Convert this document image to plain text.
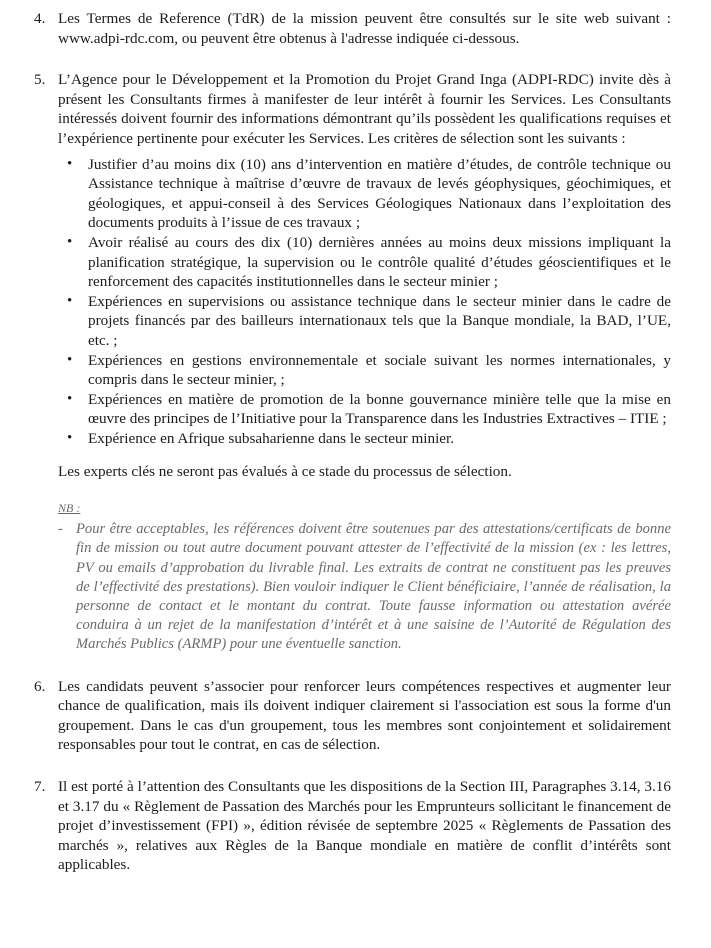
4. Les Termes de Reference (TdR) de la mission peuvent être consultés sur le site web suivant : www.adpi-rdc.com, ou peuvent être obtenus à l'adresse indiquée ci-dessous.
5. L’Agence pour le Développement et la Promotion du Projet Grand Inga (ADPI-RDC) invite dès à présent les Consultants firmes à manifester de leur intérêt à fournir les Services. Les Consultants intéressés doivent fournir des informations démontrant qu’ils possèdent les qualifications requises et l’expérience pertinente pour exécuter les Services. Les critères de sélection sont les suivants :
• Justifier d’au moins dix (10) ans d’intervention en matière d’études, de contrôle technique ou Assistance technique à maîtrise d’œuvre de travaux de levés géophysiques, géochimiques, et géologiques, et appui-conseil à des Services Géologiques Nationaux dans l’exploitation des documents produits à l’issue de ces travaux ;
• Avoir réalisé au cours des dix (10) dernières années au moins deux missions impliquant la planification stratégique, la supervision ou le contrôle qualité d’études géoscientifiques et le renforcement des capacités institutionnelles dans le secteur minier ;
• Expériences en supervisions ou assistance technique dans le secteur minier dans le cadre de projets financés par des bailleurs internationaux tels que la Banque mondiale, la BAD, l’UE, etc. ;
• Expériences en gestions environnementale et sociale suivant les normes internationales, y compris dans le secteur minier, ;
• Expériences en matière de promotion de la bonne gouvernance minière telle que la mise en œuvre des principes de l’Initiative pour la Transparence dans les Industries Extractives – ITIE ;
• Expérience en Afrique subsaharienne dans le secteur minier.

Les experts clés ne seront pas évalués à ce stade du processus de sélection.

NB :
- Pour être acceptables, les références doivent être soutenues par des attestations/certificats de bonne fin de mission ou tout autre document pouvant attester de l’effectivité de la mission (ex : les lettres, PV ou emails d’approbation du livrable final. Les extraits de contrat ne constituent pas les preuves de l’effectivité des prestations). Bien vouloir indiquer le Client bénéficiaire, l’année de réalisation, la personne de contact et le montant du contrat. Toute fausse information ou attestation avérée conduira à un rejet de la manifestation d’intérêt et à une saisine de l’Autorité de Régulation des Marchés Publics (ARMP) pour une éventuelle sanction.
6. Les candidats peuvent s’associer pour renforcer leurs compétences respectives et augmenter leur chance de qualification, mais ils doivent indiquer clairement si l'association est sous la forme d'un groupement. Dans le cas d'un groupement, tous les membres sont conjointement et solidairement responsables pour tout le contrat, en cas de sélection.
7. Il est porté à l’attention des Consultants que les dispositions de la Section III, Paragraphes 3.14, 3.16 et 3.17 du « Règlement de Passation des Marchés pour les Emprunteurs sollicitant le financement de projet d’investissement (FPI) », édition révisée de septembre 2025 « Règlements de Passation des marchés », relatives aux Règles de la Banque mondiale en matière de conflit d’intérêts sont applicables.
